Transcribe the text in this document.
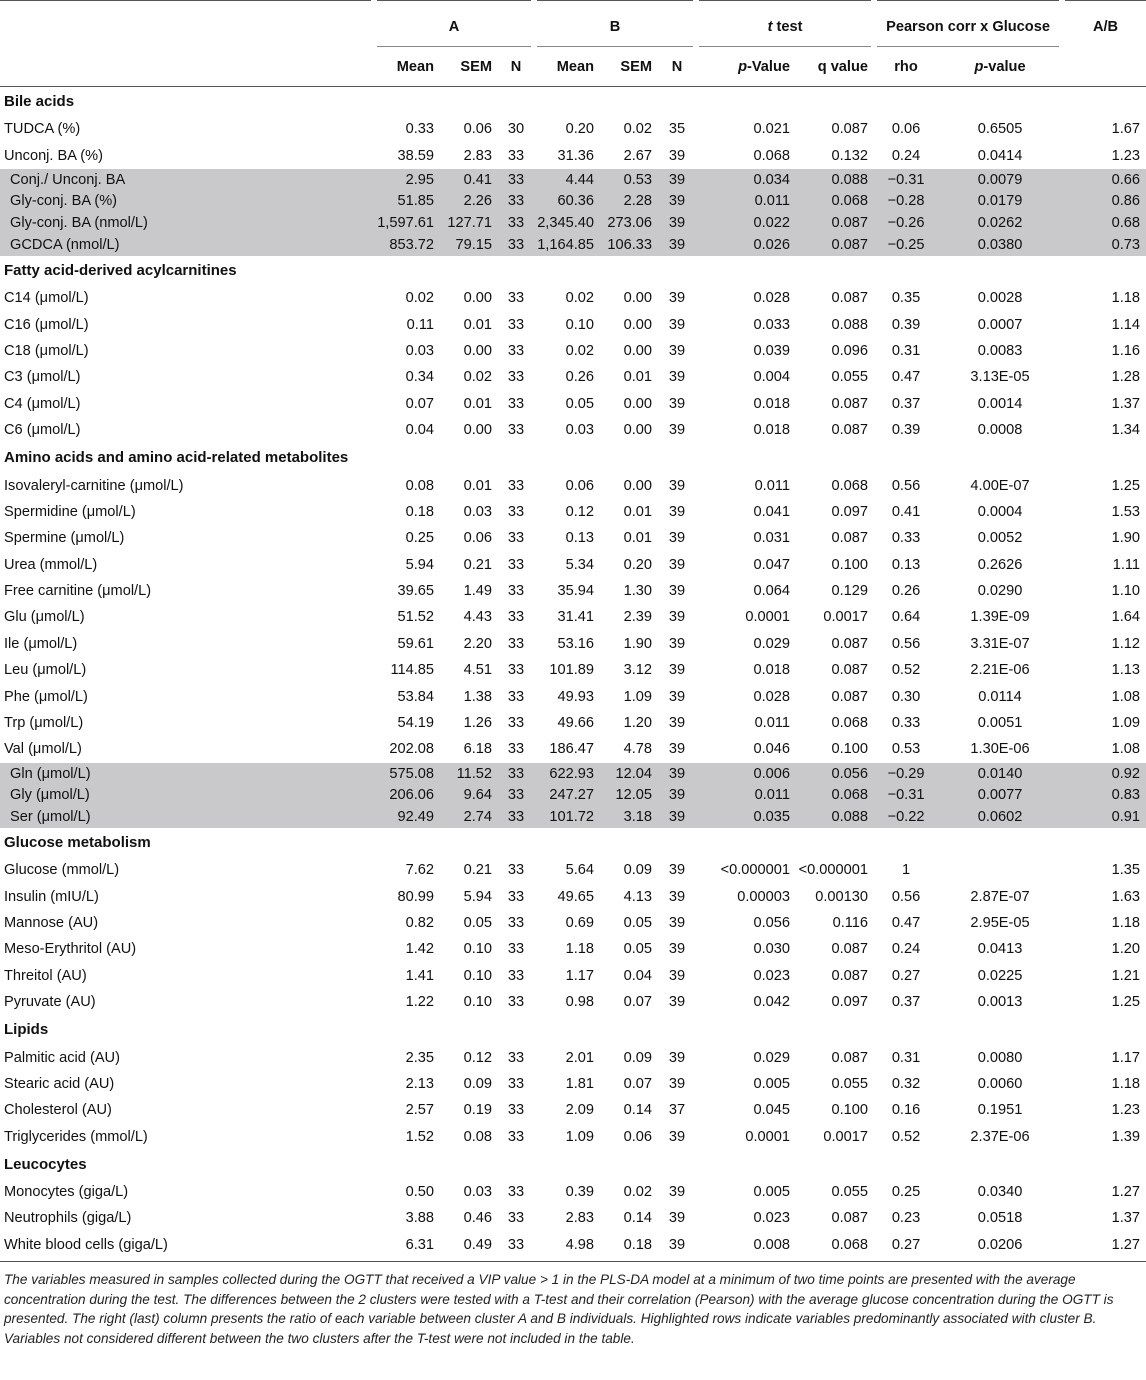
	A			B			t test		Pearson corr x Glucose		A/B
	Mean	SEM	N	Mean	SEM	N	p-Value	q value	rho	p-value	
Bile acids											
TUDCA (%)	0.33	0.06	30	0.20	0.02	35	0.021	0.087	0.06	0.6505	1.67
Unconj. BA (%)	38.59	2.83	33	31.36	2.67	39	0.068	0.132	0.24	0.0414	1.23
Conj./ Unconj. BA	2.95	0.41	33	4.44	0.53	39	0.034	0.088	−0.31	0.0079	0.66
Gly-conj. BA (%)	51.85	2.26	33	60.36	2.28	39	0.011	0.068	−0.28	0.0179	0.86
Gly-conj. BA (nmol/L)	1,597.61	127.71	33	2,345.40	273.06	39	0.022	0.087	−0.26	0.0262	0.68
GCDCA (nmol/L)	853.72	79.15	33	1,164.85	106.33	39	0.026	0.087	−0.25	0.0380	0.73
Fatty acid-derived acylcarnitines											
C14 (μmol/L)	0.02	0.00	33	0.02	0.00	39	0.028	0.087	0.35	0.0028	1.18
C16 (μmol/L)	0.11	0.01	33	0.10	0.00	39	0.033	0.088	0.39	0.0007	1.14
C18 (μmol/L)	0.03	0.00	33	0.02	0.00	39	0.039	0.096	0.31	0.0083	1.16
C3 (μmol/L)	0.34	0.02	33	0.26	0.01	39	0.004	0.055	0.47	3.13E-05	1.28
C4 (μmol/L)	0.07	0.01	33	0.05	0.00	39	0.018	0.087	0.37	0.0014	1.37
C6 (μmol/L)	0.04	0.00	33	0.03	0.00	39	0.018	0.087	0.39	0.0008	1.34
Amino acids and amino acid-related metabolites											
Isovaleryl-carnitine (μmol/L)	0.08	0.01	33	0.06	0.00	39	0.011	0.068	0.56	4.00E-07	1.25
Spermidine (μmol/L)	0.18	0.03	33	0.12	0.01	39	0.041	0.097	0.41	0.0004	1.53
Spermine (μmol/L)	0.25	0.06	33	0.13	0.01	39	0.031	0.087	0.33	0.0052	1.90
Urea (mmol/L)	5.94	0.21	33	5.34	0.20	39	0.047	0.100	0.13	0.2626	1.11
Free carnitine (μmol/L)	39.65	1.49	33	35.94	1.30	39	0.064	0.129	0.26	0.0290	1.10
Glu (μmol/L)	51.52	4.43	33	31.41	2.39	39	0.0001	0.0017	0.64	1.39E-09	1.64
Ile (μmol/L)	59.61	2.20	33	53.16	1.90	39	0.029	0.087	0.56	3.31E-07	1.12
Leu (μmol/L)	114.85	4.51	33	101.89	3.12	39	0.018	0.087	0.52	2.21E-06	1.13
Phe (μmol/L)	53.84	1.38	33	49.93	1.09	39	0.028	0.087	0.30	0.0114	1.08
Trp (μmol/L)	54.19	1.26	33	49.66	1.20	39	0.011	0.068	0.33	0.0051	1.09
Val (μmol/L)	202.08	6.18	33	186.47	4.78	39	0.046	0.100	0.53	1.30E-06	1.08
Gln (μmol/L)	575.08	11.52	33	622.93	12.04	39	0.006	0.056	−0.29	0.0140	0.92
Gly (μmol/L)	206.06	9.64	33	247.27	12.05	39	0.011	0.068	−0.31	0.0077	0.83
Ser (μmol/L)	92.49	2.74	33	101.72	3.18	39	0.035	0.088	−0.22	0.0602	0.91
Glucose metabolism											
Glucose (mmol/L)	7.62	0.21	33	5.64	0.09	39	<0.000001	<0.000001	1		1.35
Insulin (mIU/L)	80.99	5.94	33	49.65	4.13	39	0.00003	0.00130	0.56	2.87E-07	1.63
Mannose (AU)	0.82	0.05	33	0.69	0.05	39	0.056	0.116	0.47	2.95E-05	1.18
Meso-Erythritol (AU)	1.42	0.10	33	1.18	0.05	39	0.030	0.087	0.24	0.0413	1.20
Threitol (AU)	1.41	0.10	33	1.17	0.04	39	0.023	0.087	0.27	0.0225	1.21
Pyruvate (AU)	1.22	0.10	33	0.98	0.07	39	0.042	0.097	0.37	0.0013	1.25
Lipids											
Palmitic acid (AU)	2.35	0.12	33	2.01	0.09	39	0.029	0.087	0.31	0.0080	1.17
Stearic acid (AU)	2.13	0.09	33	1.81	0.07	39	0.005	0.055	0.32	0.0060	1.18
Cholesterol (AU)	2.57	0.19	33	2.09	0.14	37	0.045	0.100	0.16	0.1951	1.23
Triglycerides (mmol/L)	1.52	0.08	33	1.09	0.06	39	0.0001	0.0017	0.52	2.37E-06	1.39
Leucocytes											
Monocytes (giga/L)	0.50	0.03	33	0.39	0.02	39	0.005	0.055	0.25	0.0340	1.27
Neutrophils (giga/L)	3.88	0.46	33	2.83	0.14	39	0.023	0.087	0.23	0.0518	1.37
White blood cells (giga/L)	6.31	0.49	33	4.98	0.18	39	0.008	0.068	0.27	0.0206	1.27
The variables measured in samples collected during the OGTT that received a VIP value > 1 in the PLS-DA model at a minimum of two time points are presented with the average concentration during the test. The differences between the 2 clusters were tested with a T-test and their correlation (Pearson) with the average glucose concentration during the OGTT is presented. The right (last) column presents the ratio of each variable between cluster A and B individuals. Highlighted rows indicate variables predominantly associated with cluster B. Variables not considered different between the two clusters after the T-test were not included in the table.
